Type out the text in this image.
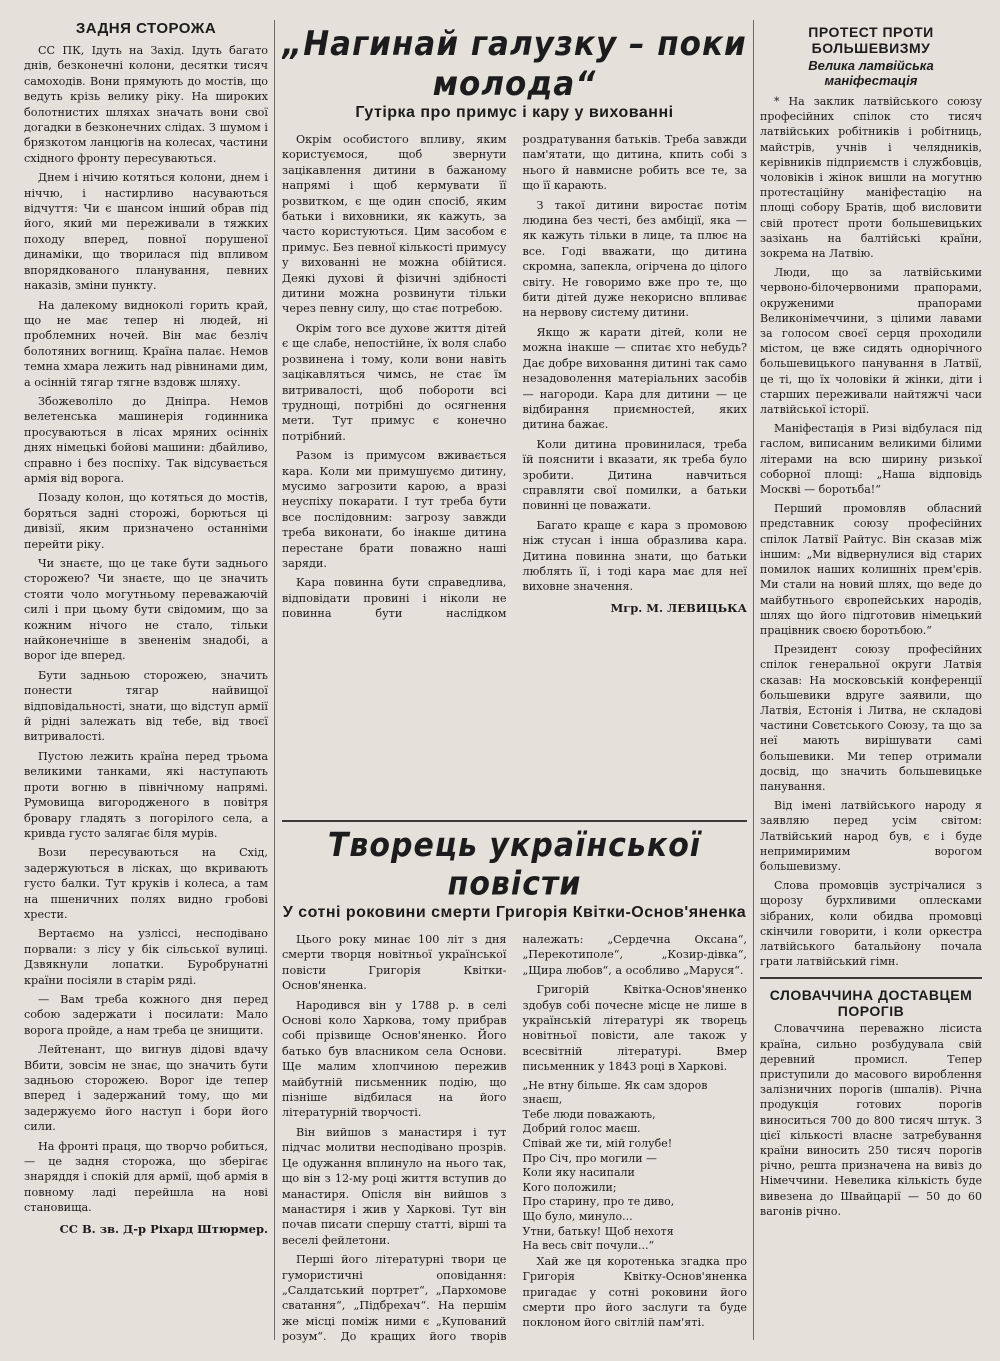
ЗАДНЯ СТОРОЖА

СС ПК, Ідуть на Захід. Ідуть багато днів, безконечні колони, десятки тисяч самоходів. Вони прямують до мостів, що ведуть крізь велику ріку. На широких болотнистих шляхах значать вони свої догадки в безконечних слідах. З шумом і брязкотом ланцюгів на колесах, частини східного фронту пересуваються.

Днем і нічию котяться колони, днем і ніччю, і настирливо насуваються відчуття: Чи є шансом інший обрав під його, який ми переживали в тяжких походу вперед, повної порушеної динаміки, що творилася під впливом впорядкованого планування, певних наказів, зміни пункту.

На далекому видноколі горить край, що не має тепер ні людей, ні проблемних ночей. Він має безліч болотяних вогнищ. Країна палає. Немов темна хмара лежить над рівнинами дим, а осінній тягар тягне вздовж шляху.

Збожеволіло до Дніпра. Немов велетенська машинерія годинника просуваються в лісах мряних осінніх днях німецькі бойові машини: дбайливо, справно і без поспіху. Так відсувається армія від ворога.

Позаду колон, що котяться до мостів, боряться задні сторожі, борються ці дивізії, яким призначено останніми перейти ріку.

Чи знаєте, що це таке бути заднього сторожею? Чи знаєте, що це значить стояти чоло могутньому переважаючій силі і при цьому бути свідомим, що за кожним нічого не стало, тільки найконечніше в звененім знадобі, а ворог іде вперед.

Бути задньою сторожею, значить понести тягар найвищої відповідальності, знати, що відступ армії й рідні залежать від тебе, від твоєї витривалості.

Пустою лежить країна перед трьома великими танками, які наступають проти вогню в північному напрямі. Румовища вигородженого в повітря бровару гладять з погорілого села, а кривда густо залягає біля мурів.

Вози пересуваються на Схід, задержуються в лісках, що вкривають густо балки. Тут круків і колеса, а там на пшеничних полях видно гробові хрести.

Вертаємо на узліссі, несподівано порвали: з лісу у бік сільської вулиці. Дзвякнули лопатки. Буробрунатні країни посіяли в старім ряді.

— Вам треба кожного дня перед собою задержати і посилати: Мало ворога пройде, а нам треба це знищити.

Лейтенант, що вигнув дідові вдачу Вбити, зовсім не знає, що значить бути задньою сторожею. Ворог іде тепер вперед і задержаний тому, що ми задержуємо його наступ і бори його сили.

На фронті праця, що творчо робиться, — це задня сторожа, що зберігає знаряддя і спокій для армії, щоб армія в повному ладі перейшла на нові становища.

СС В. зв. Д-р Ріхард Штюрмер.

„Нагинай галузку – поки молода“
Гутірка про примус і кару у вихованні

Окрім особистого впливу, яким користуємося, щоб звернути зацікавлення дитини в бажаному напрямі і щоб кермувати її розвитком, є ще один спосіб, яким батьки і виховники, як кажуть, за часто користуються. Цим засобом є примус. Без певної кількості примусу у вихованні не можна обійтися. Деякі духові й фізичні здібності дитини можна розвинути тільки через певну силу, що стає потребою.

Окрім того все духове життя дітей є ще слабе, непостійне, їх воля слабо розвинена і тому, коли вони навіть зацікавляться чимсь, не стає їм витривалості, щоб побороти всі труднощі, потрібні до осягнення мети. Тут примус є конечно потрібний.

Разом із примусом вживається кара. Коли ми примушуємо дитину, мусимо загрозити карою, а вразі неуспіху покарати. І тут треба бути все послідовним: загрозу завжди треба виконати, бо інакше дитина перестане брати поважно наші заряди.

Кара повинна бути справедлива, відповідати провині і ніколи не повинна бути наслідком роздратування батьків. Треба завжди пам'ятати, що дитина, кпить собі з нього й навмисне робить все те, за що її карають.

З такої дитини виростає потім людина без честі, без амбіції, яка — як кажуть тільки в лице, та плює на все. Годі вважати, що дитина скромна, запекла, огірчена до цілого світу. Не говоримо вже про те, що бити дітей дуже некорисно впливає на нервову систему дитини.

Якщо ж карати дітей, коли не можна інакше — спитає хто небудь? Дає добре виховання дитині так само незадоволення матеріальних засобів — нагороди. Кара для дитини — це відбирання приємностей, яких дитина бажає.

Коли дитина провинилася, треба їй пояснити і вказати, як треба було зробити. Дитина навчиться справляти свої помилки, а батьки повинні це поважати.

Багато краще є кара з промовою ніж стусан і інша образлива кара. Дитина повинна знати, що батьки люблять її, і тоді кара має для неї виховне значення.

Мгр. М. ЛЕВИЦЬКА

Творець української повісти
У сотні роковини смерти Григорія Квітки-Основ'яненка

Цього року минає 100 літ з дня смерти творця новітньої української повісти Григорія Квітки-Основ'яненка.

Народився він у 1788 р. в селі Основі коло Харкова, тому прибрав собі прізвище Основ'яненко. Його батько був власником села Основи. Ще малим хлопчиною пережив майбутній письменник подію, що пізніше відбилася на його літературній творчості.

Він вийшов з манастиря і тут підчас молитви несподівано прозрів. Це одужання вплинуло на нього так, що він з 12-му році життя вступив до манастиря. Опісля він вийшов з манастиря і жив у Харкові. Тут він почав писати спершу статті, вірші та веселі фейлетони.

Перші його літературні твори це гумористичні оповідання: „Салдатський портрет“, „Пархомове сватання“, „Підбрехач“. На першім же місці поміж ними є „Купований розум“. До кращих його творів належать: „Сердечна Оксана“, „Перекотиполе“, „Козир-дівка“, „Щира любов“, а особливо „Маруся“.

Григорій Квітка-Основ'яненко здобув собі почесне місце не лише в українській літературі як творець новітньої повісти, але також у всесвітній літературі. Вмер письменник у 1843 році в Харкові.

„Не втну більше. Як сам здоров знаєш,

Тебе люди поважають,

Добрий голос маєш.

Співай же ти, мій голубе!

Про Січ, про могили —

Коли яку насипали

Кого положили;

Про старину, про те диво,

Що було, минуло...

Утни, батьку! Щоб нехотя

На весь світ почули...“

Хай же ця коротенька згадка про Григорія Квітку-Основ'яненка пригадає у сотні роковини його смерти про його заслуги та буде поклоном його світлій пам'яті.

ПРОТЕСТ ПРОТИ БОЛЬШЕВИЗМУ
Велика латвійська маніфестація

* На заклик латвійського союзу професійних спілок сто тисяч латвійських робітників і робітниць, майстрів, учнів і челядників, керівників підприємств і службовців, чоловіків і жінок вишли на могутню протестаційну маніфестацію на площі собору Братів, щоб висловити свій протест проти большевицьких зазіхань на балтійські країни, зокрема на Латвію.

Люди, що за латвійськими червоно-білочервоними прапорами, окруженими прапорами Великонімеччини, з цілими лавами за голосом своєї серця проходили містом, це вже сидять однорічного большевицького панування в Латвії, це ті, що їх чоловіки й жінки, діти і старших переживали найтяжчі часи латвійської історії.

Маніфестація в Ризі відбулася під гаслом, виписаним великими білими літерами на всю ширину ризької соборної площі: „Наша відповідь Москві — боротьба!“

Перший промовляв обласний представник союзу професійних спілок Латвії Райтус. Він сказав між іншим: „Ми відвернулися від старих помилок наших колишніх прем'єрів. Ми стали на новий шлях, що веде до майбутнього європейських народів, шлях що його підготовив німецький працівник своєю боротьбою.“

Президент союзу професійних спілок генеральної округи Латвія сказав: На московській конференції большевики вдруге заявили, що Латвія, Естонія і Литва, не складові частини Совєтського Союзу, та що за неї мають вирішувати самі большевики. Ми тепер отримали досвід, що значить большевицьке панування.

Від імені латвійського народу я заявляю перед усім світом: Латвійський народ був, є і буде непримиримим ворогом большевизму.

Слова промовців зустрічалися з щорозу бурхливими оплесками зібраних, коли обидва промовці скінчили говорити, і коли оркестра латвійського батальйону почала грати латвійський гімн.

СЛОВАЧЧИНА ДОСТАВЦЕМ ПОРОГІВ

Словаччина переважно лісиста країна, сильно розбудувала свій деревний промисл. Тепер приступили до масового вироблення залізничних порогів (шпалів). Річна продукція готових порогів виноситься 700 до 800 тисяч штук. З цієї кількості власне затребування країни виносить 250 тисяч порогів річно, решта призначена на вивіз до Німеччини. Невелика кількість буде вивезена до Швайцарії — 50 до 60 вагонів річно.
